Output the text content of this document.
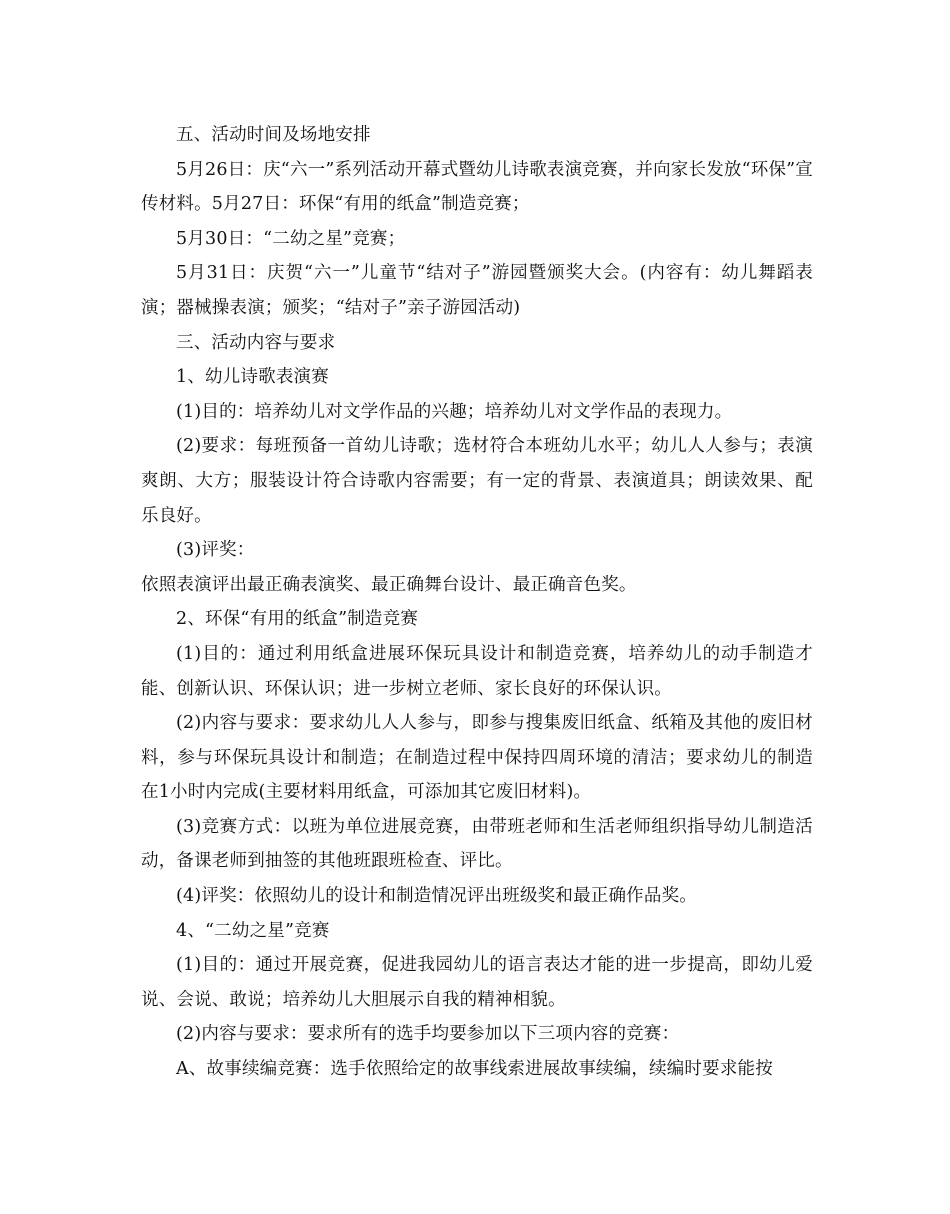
五、活动时间及场地安排

5月26日：庆“六一”系列活动开幕式暨幼儿诗歌表演竞赛，并向家长发放“环保”宣传材料。5月27日：环保“有用的纸盒”制造竞赛；

5月30日：“二幼之星”竞赛；

5月31日：庆贺“六一”儿童节“结对子”游园暨颁奖大会。(内容有：幼儿舞蹈表演；器械操表演；颁奖；“结对子”亲子游园活动)

三、活动内容与要求

1、幼儿诗歌表演赛

(1)目的：培养幼儿对文学作品的兴趣；培养幼儿对文学作品的表现力。

(2)要求：每班预备一首幼儿诗歌；选材符合本班幼儿水平；幼儿人人参与；表演爽朗、大方；服装设计符合诗歌内容需要；有一定的背景、表演道具；朗读效果、配乐良好。

(3)评奖：

依照表演评出最正确表演奖、最正确舞台设计、最正确音色奖。

2、环保“有用的纸盒”制造竞赛

(1)目的：通过利用纸盒进展环保玩具设计和制造竞赛，培养幼儿的动手制造才能、创新认识、环保认识；进一步树立老师、家长良好的环保认识。

(2)内容与要求：要求幼儿人人参与，即参与搜集废旧纸盒、纸箱及其他的废旧材料，参与环保玩具设计和制造；在制造过程中保持四周环境的清洁；要求幼儿的制造在1小时内完成(主要材料用纸盒，可添加其它废旧材料)。

(3)竞赛方式：以班为单位进展竞赛，由带班老师和生活老师组织指导幼儿制造活动，备课老师到抽签的其他班跟班检查、评比。

(4)评奖：依照幼儿的设计和制造情况评出班级奖和最正确作品奖。

4、“二幼之星”竞赛

(1)目的：通过开展竞赛，促进我园幼儿的语言表达才能的进一步提高，即幼儿爱说、会说、敢说；培养幼儿大胆展示自我的精神相貌。

(2)内容与要求：要求所有的选手均要参加以下三项内容的竞赛：

A、故事续编竞赛：选手依照给定的故事线索进展故事续编，续编时要求能按
